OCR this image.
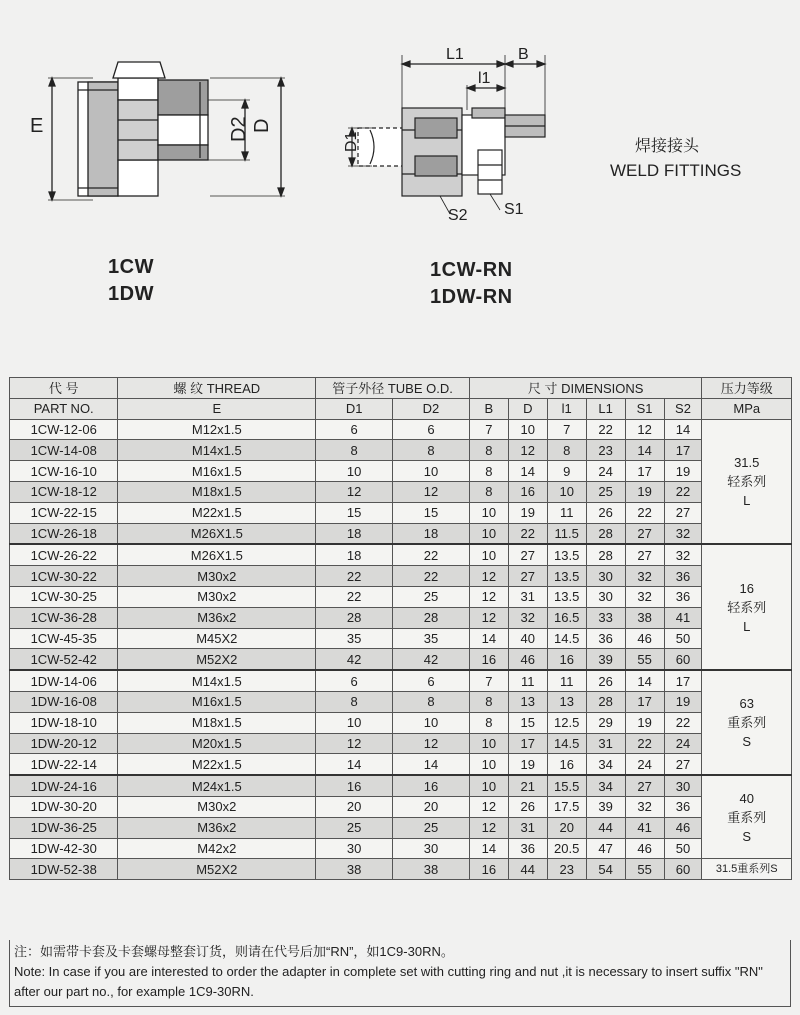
E	D2 D
L1	B
l1
D1
S2 S1
1CW
1DW
1CW-RN
1DW-RN
焊接接头
WELD FITTINGS
代 号	螺 纹 THREAD	管子外径 TUBE O.D.		尺 寸 DIMENSIONS						压力等级
PART NO.	E	D1	D2	B	D	l1	L1	S1	S2	MPa
1CW-12-06	M12x1.5	6	6	7	10	7	22	12	14	31.5
轻系列
L

1CW-14-08	M14x1.5	8	8	8	12	8	23	14	17	
1CW-16-10	M16x1.5	10	10	8	14	9	24	17	19	
1CW-18-12	M18x1.5	12	12	8	16	10	25	19	22	
1CW-22-15	M22x1.5	15	15	10	19	11	26	22	27	
1CW-26-18	M26X1.5	18	18	10	22	11.5	28	27	32	
1CW-26-22	M26X1.5	18	22	10	27	13.5	28	27	32	16
轻系列
L

1CW-30-22	M30x2	22	22	12	27	13.5	30	32	36	
1CW-30-25	M30x2	22	25	12	31	13.5	30	32	36	
1CW-36-28	M36x2	28	28	12	32	16.5	33	38	41	
1CW-45-35	M45X2	35	35	14	40	14.5	36	46	50	
1CW-52-42	M52X2	42	42	16	46	16	39	55	60	
1DW-14-06	M14x1.5	6	6	7	11	11	26	14	17	63
重系列
S

1DW-16-08	M16x1.5	8	8	8	13	13	28	17	19	
1DW-18-10	M18x1.5	10	10	8	15	12.5	29	19	22	
1DW-20-12	M20x1.5	12	12	10	17	14.5	31	22	24	
1DW-22-14	M22x1.5	14	14	10	19	16	34	24	27	
1DW-24-16	M24x1.5	16	16	10	21	15.5	34	27	30	40
重系列
S

1DW-30-20	M30x2	20	20	12	26	17.5	39	32	36	
1DW-36-25	M36x2	25	25	12	31	20	44	41	46	
1DW-42-30	M42x2	30	30	14	36	20.5	47	46	50	
1DW-52-38	M52X2	38	38	16	44	23	54	55	60	31.5重系列S
注：如需带卡套及卡套螺母整套订货，则请在代号后加“RN”，如1C9-30RN。
Note: In case if you are interested to order the adapter in complete set with cutting ring and nut ,it is necessary to insert suffix "RN" after our part no., for example 1C9-30RN.
